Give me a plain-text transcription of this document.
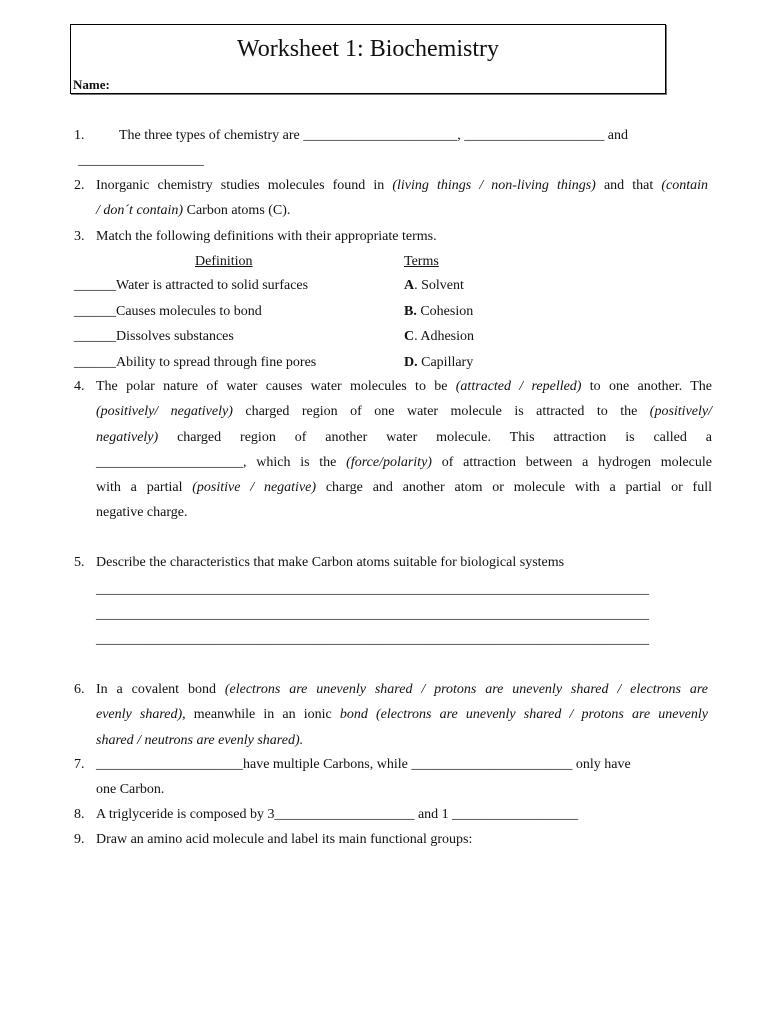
Worksheet 1: Biochemistry
Name:
1. The three types of chemistry are ______________________, ____________________ and
__________________
2. Inorganic chemistry studies molecules found in (living things / non-living things) and that (contain
/ don´t contain) Carbon atoms (C).
3. Match the following definitions with their appropriate terms.
Definition	Terms
______Water is attracted to solid surfaces	A. Solvent
______Causes molecules to bond	B. Cohesion
______Dissolves substances	C. Adhesion
______Ability to spread through fine pores	D. Capillary
4. The polar nature of water causes water molecules to be (attracted / repelled) to one another. The
(positively/ negatively) charged region of one water molecule is attracted to the (positively/
negatively) charged region of another water molecule. This attraction is called a
_____________________, which is the (force/polarity) of attraction between a hydrogen molecule
with a partial (positive / negative) charge and another atom or molecule with a partial or full
negative charge.
5. Describe the characteristics that make Carbon atoms suitable for biological systems
_______________________________________________________________________________
_______________________________________________________________________________
_______________________________________________________________________________
6. In a covalent bond (electrons are unevenly shared / protons are unevenly shared / electrons are
evenly shared), meanwhile in an ionic bond (electrons are unevenly shared / protons are unevenly
shared / neutrons are evenly shared).
7. _____________________have multiple Carbons, while _______________________ only have
one Carbon.
8. A triglyceride is composed by 3____________________ and 1 __________________
9. Draw an amino acid molecule and label its main functional groups:
